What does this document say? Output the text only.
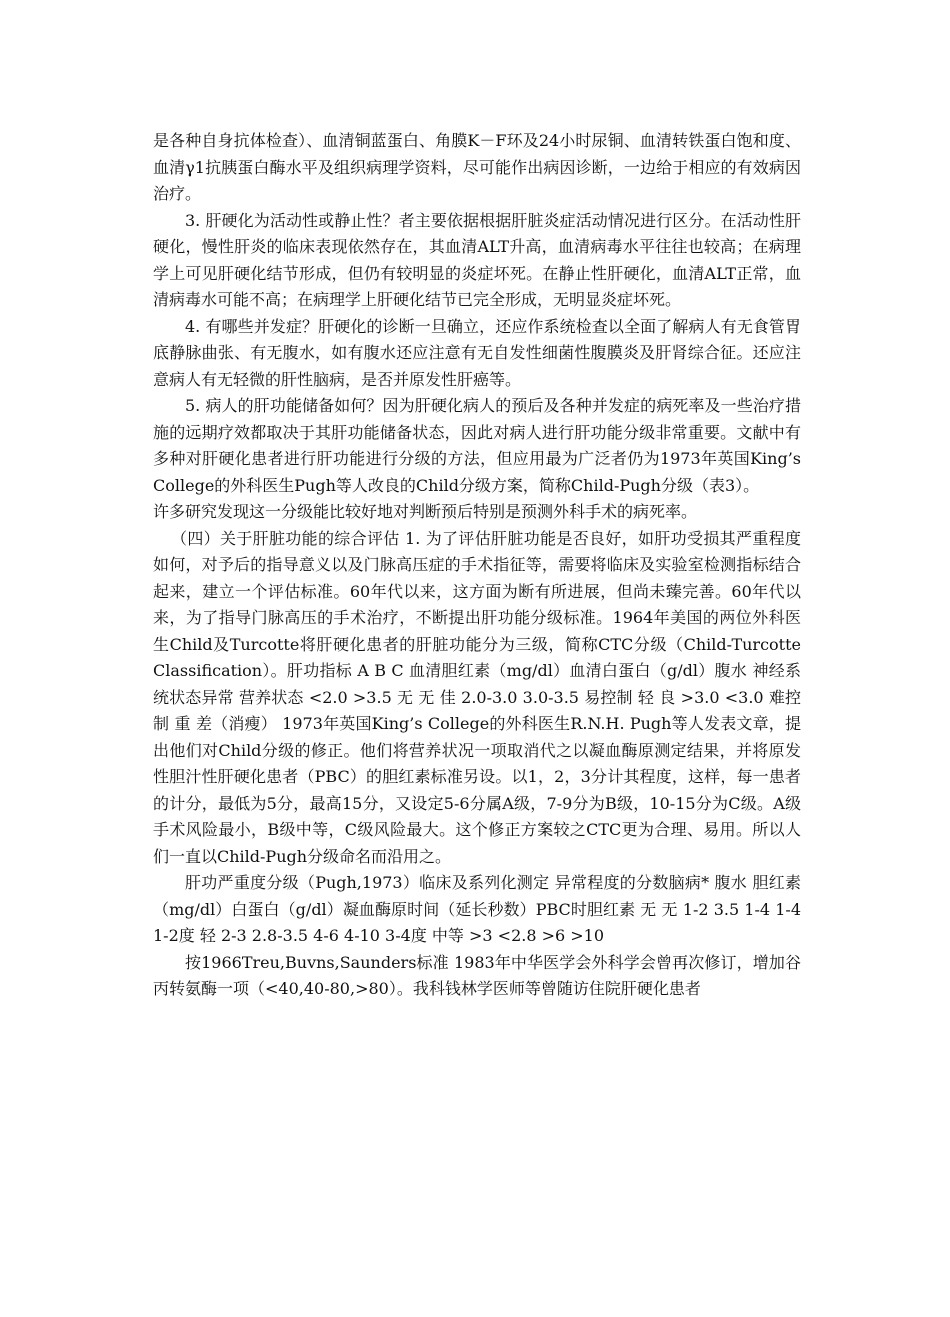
是各种自身抗体检查）、血清铜蓝蛋白、角膜K－F环及24小时尿铜、血清转铁蛋白饱和度、血清γ1抗胰蛋白酶水平及组织病理学资料，尽可能作出病因诊断，一边给于相应的有效病因治疗。

3. 肝硬化为活动性或静止性？者主要依据根据肝脏炎症活动情况进行区分。在活动性肝硬化，慢性肝炎的临床表现依然存在，其血清ALT升高，血清病毒水平往往也较高；在病理学上可见肝硬化结节形成，但仍有较明显的炎症坏死。在静止性肝硬化，血清ALT正常，血清病毒水可能不高；在病理学上肝硬化结节已完全形成，无明显炎症坏死。

4. 有哪些并发症？肝硬化的诊断一旦确立，还应作系统检查以全面了解病人有无食管胃底静脉曲张、有无腹水，如有腹水还应注意有无自发性细菌性腹膜炎及肝肾综合征。还应注意病人有无轻微的肝性脑病，是否并原发性肝癌等。

5. 病人的肝功能储备如何？因为肝硬化病人的预后及各种并发症的病死率及一些治疗措施的远期疗效都取决于其肝功能储备状态，因此对病人进行肝功能分级非常重要。文献中有多种对肝硬化患者进行肝功能进行分级的方法，但应用最为广泛者仍为1973年英国King’s College的外科医生Pugh等人改良的Child分级方案，简称Child-Pugh分级（表3）。

许多研究发现这一分级能比较好地对判断预后特别是预测外科手术的病死率。

（四）关于肝脏功能的综合评估 1. 为了评估肝脏功能是否良好，如肝功受损其严重程度如何，对予后的指导意义以及门脉高压症的手术指征等，需要将临床及实验室检测指标结合起来，建立一个评估标准。60年代以来，这方面为断有所进展，但尚未臻完善。60年代以来，为了指导门脉高压的手术治疗，不断提出肝功能分级标准。1964年美国的两位外科医生Child及Turcotte将肝硬化患者的肝脏功能分为三级，简称CTC分级（Child-Turcotte Classification）。肝功指标 A B C 血清胆红素（mg/dl）血清白蛋白（g/dl）腹水 神经系统状态异常 营养状态 <2.0 >3.5 无 无 佳 2.0-3.0 3.0-3.5 易控制 轻 良 >3.0 <3.0 难控制 重 差（消瘦） 1973年英国King’s College的外科医生R.N.H. Pugh等人发表文章，提出他们对Child分级的修正。他们将营养状况一项取消代之以凝血酶原测定结果，并将原发性胆汁性肝硬化患者（PBC）的胆红素标准另设。以1，2，3分计其程度，这样，每一患者的计分，最低为5分，最高15分，又设定5-6分属A级，7-9分为B级，10-15分为C级。A级手术风险最小，B级中等，C级风险最大。这个修正方案较之CTC更为合理、易用。所以人们一直以Child-Pugh分级命名而沿用之。

肝功严重度分级（Pugh,1973）临床及系列化测定 异常程度的分数脑病* 腹水 胆红素（mg/dl）白蛋白（g/dl）凝血酶原时间（延长秒数）PBC时胆红素 无 无 1-2 3.5 1-4 1-4 1-2度 轻 2-3 2.8-3.5 4-6 4-10 3-4度 中等 >3 <2.8 >6 >10

按1966Treu,Buvns,Saunders标准 1983年中华医学会外科学会曾再次修订，增加谷丙转氨酶一项（<40,40-80,>80）。我科钱林学医师等曾随访住院肝硬化患者
